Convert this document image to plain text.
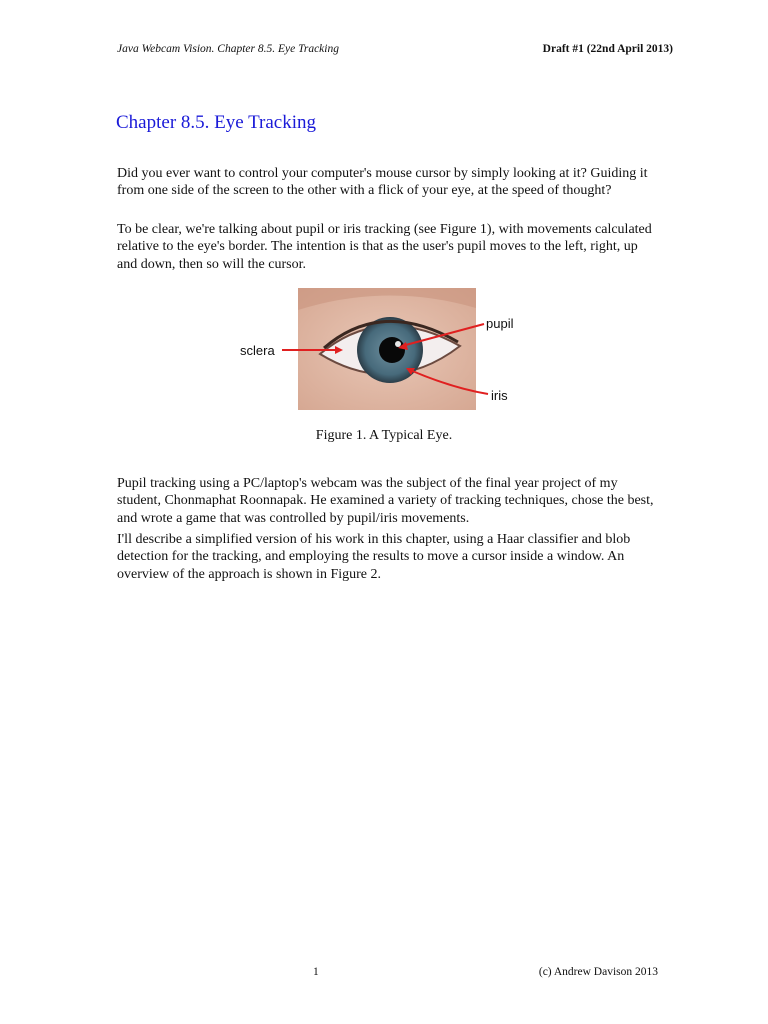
Java Webcam Vision. Chapter 8.5. Eye Tracking	Draft #1 (22nd April 2013)
Chapter 8.5. Eye Tracking

Did you ever want to control your computer's mouse cursor by simply looking at it? Guiding it from one side of the screen to the other with a flick of your eye, at the speed of thought?

To be clear, we're talking about pupil or iris tracking (see Figure 1), with movements calculated relative to the eye's border. The intention is that as the user's pupil moves to the left, right, up and down, then so will the cursor.

sclera
pupil
iris
Figure 1. A Typical Eye.

Pupil tracking using a PC/laptop's webcam was the subject of the final year project of my student, Chonmaphat Roonnapak. He examined a variety of tracking techniques, chose the best, and wrote a game that was controlled by pupil/iris movements.

I'll describe a simplified version of his work in this chapter, using a Haar classifier and blob detection for the tracking, and employing the results to move a cursor inside a window. An overview of the approach is shown in Figure 2.

1	(c) Andrew Davison 2013
